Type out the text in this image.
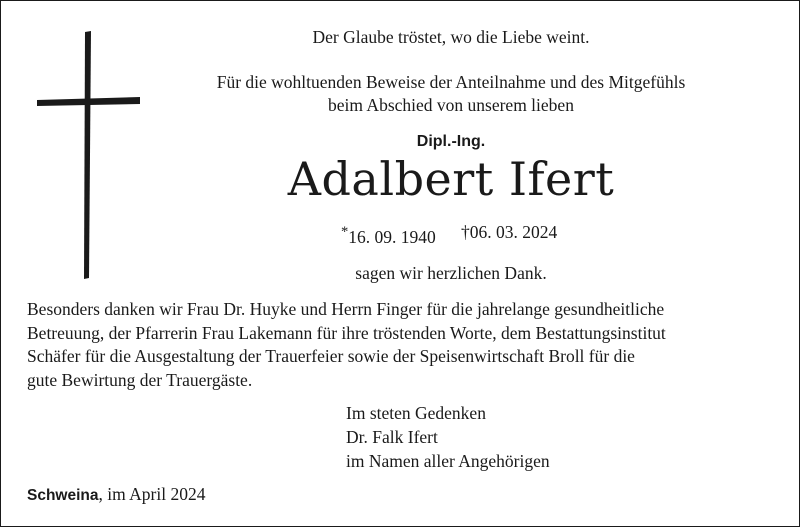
Der Glaube tröstet, wo die Liebe weint.
Für die wohltuenden Beweise der Anteilnahme und des Mitgefühls
beim Abschied von unserem lieben
Dipl.-Ing.
Adalbert Ifert
*16. 09. 1940 †06. 03. 2024
sagen wir herzlichen Dank.
Besonders danken wir Frau Dr. Huyke und Herrn Finger für die jahrelange gesundheitliche
Betreuung, der Pfarrerin Frau Lakemann für ihre tröstenden Worte, dem Bestattungsinstitut
Schäfer für die Ausgestaltung der Trauerfeier sowie der Speisenwirtschaft Broll für die
gute Bewirtung der Trauergäste.
Im steten Gedenken
Dr. Falk Ifert
im Namen aller Angehörigen
Schweina, im April 2024
